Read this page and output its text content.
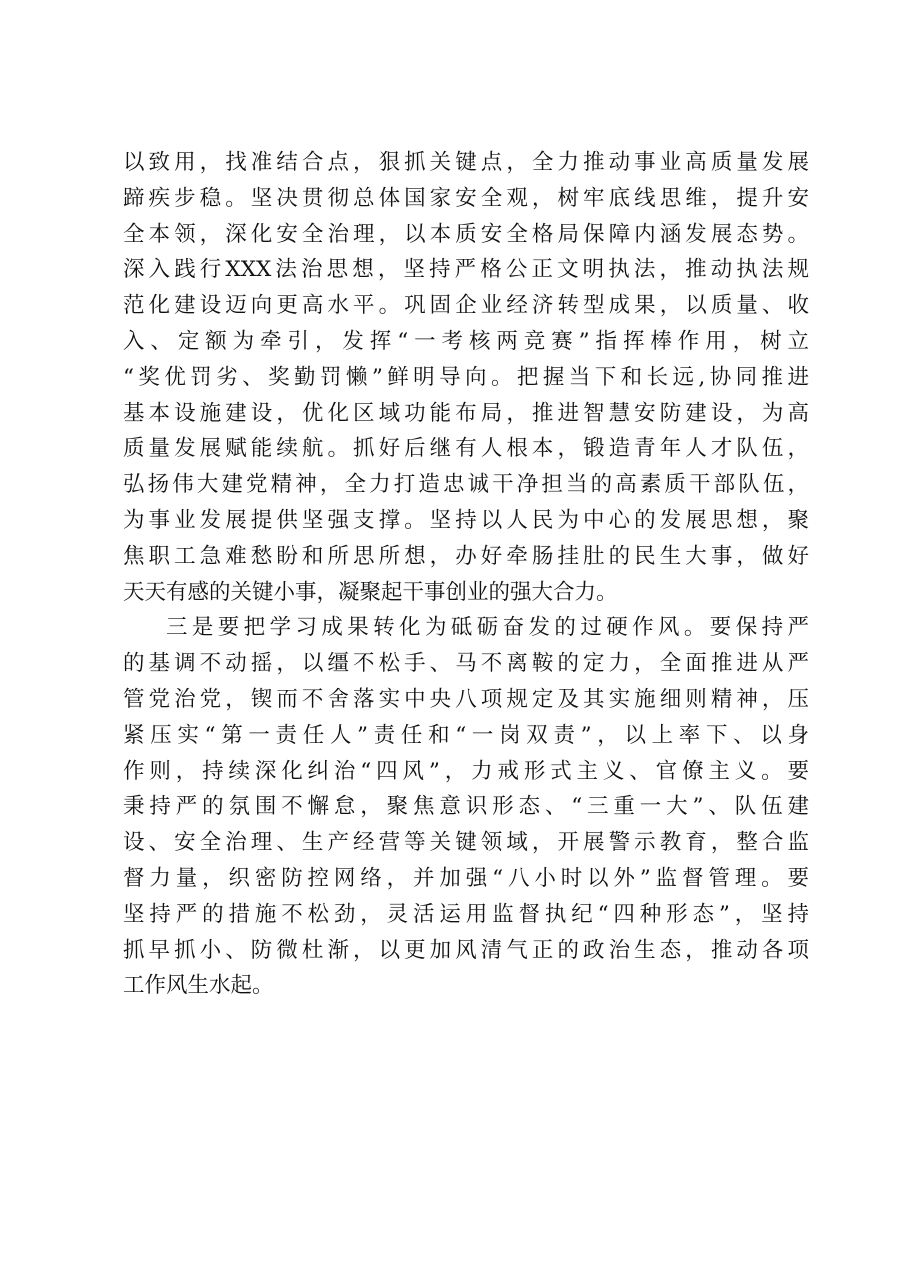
以致用，找准结合点，狠抓关键点，全力推动事业高质量发展
蹄疾步稳。坚决贯彻总体国家安全观，树牢底线思维，提升安
全本领，深化安全治理，以本质安全格局保障内涵发展态势。
深入践行XXX法治思想，坚持严格公正文明执法，推动执法规
范化建设迈向更高水平。巩固企业经济转型成果，以质量、收
入、定额为牵引，发挥“一考核两竞赛”指挥棒作用，树立
“奖优罚劣、奖勤罚懒”鲜明导向。把握当下和长远,协同推进
基本设施建设，优化区域功能布局，推进智慧安防建设，为高
质量发展赋能续航。抓好后继有人根本，锻造青年人才队伍，
弘扬伟大建党精神，全力打造忠诚干净担当的高素质干部队伍，
为事业发展提供坚强支撑。坚持以人民为中心的发展思想，聚
焦职工急难愁盼和所思所想，办好牵肠挂肚的民生大事，做好
天天有感的关键小事，凝聚起干事创业的强大合力。
三是要把学习成果转化为砥砺奋发的过硬作风。要保持严
的基调不动摇，以缰不松手、马不离鞍的定力，全面推进从严
管党治党，锲而不舍落实中央八项规定及其实施细则精神，压
紧压实“第一责任人”责任和“一岗双责”，以上率下、以身
作则，持续深化纠治“四风”，力戒形式主义、官僚主义。要
秉持严的氛围不懈怠，聚焦意识形态、“三重一大”、队伍建
设、安全治理、生产经营等关键领域，开展警示教育，整合监
督力量，织密防控网络，并加强“八小时以外”监督管理。要
坚持严的措施不松劲，灵活运用监督执纪“四种形态”，坚持
抓早抓小、防微杜渐，以更加风清气正的政治生态，推动各项
工作风生水起。
